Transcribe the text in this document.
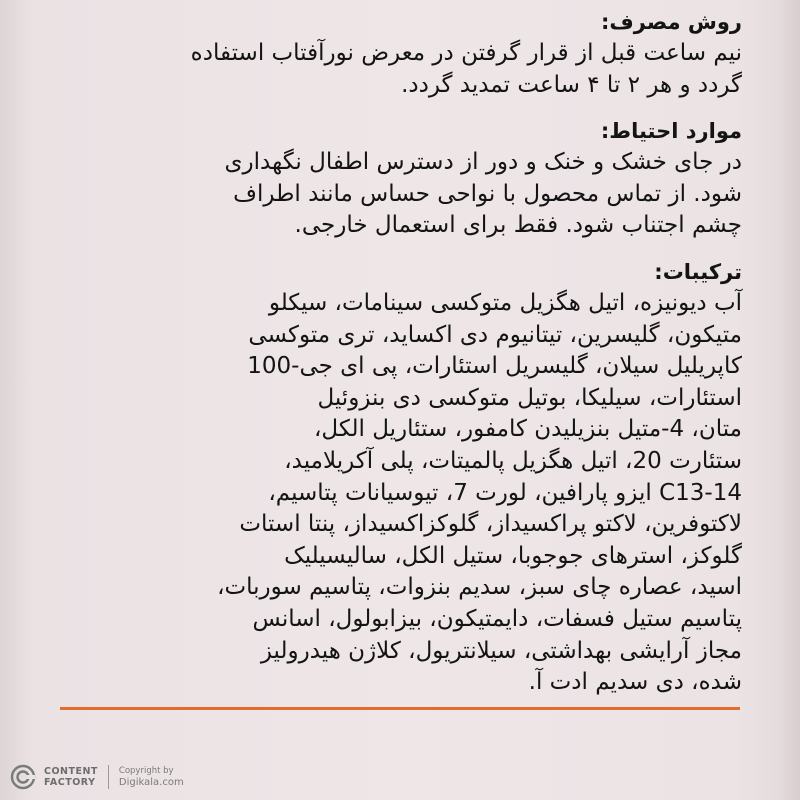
روش مصرف:
نیم ساعت قبل از قرار گرفتن در معرض نورآفتاب استفاده
گردد و هر ۲ تا ۴ ساعت تمدید گردد.
موارد احتیاط:
در جای خشک و خنک و دور از دسترس اطفال نگهداری
شود. از تماس محصول با نواحی حساس مانند اطراف
چشم اجتناب شود. فقط برای استعمال خارجی.
ترکیبات:
آب دیونیزه، اتیل هگزیل متوکسی سینامات، سیکلو
متیکون، گلیسرین، تیتانیوم دی اکساید، تری متوکسی
کاپریلیل سیلان، گلیسریل استئارات، پی ای جی-100
استئارات، سیلیکا، بوتیل متوکسی دی بنزوئیل
متان، 4-متیل بنزیلیدن کامفور، ستئاریل الکل،
ستئارت 20، اتیل هگزیل پالمیتات، پلی آکریلامید،
C13-14 ایزو پارافین، لورت 7، تیوسیانات پتاسیم،
لاکتوفرین، لاکتو پراکسیداز، گلوکزاکسیداز، پنتا استات
گلوکز، استرهای جوجوبا، ستیل الکل، سالیسیلیک
اسید، عصاره چای سبز، سدیم بنزوات، پتاسیم سوربات،
پتاسیم ستیل فسفات، دایمتیکون، بیزابولول، اسانس
مجاز آرایشی بهداشتی، سیلانتریول، کلاژن هیدرولیز
شده، دی سدیم ادت آ.
CONTENT
FACTORY
Copyright by
Digikala.com
